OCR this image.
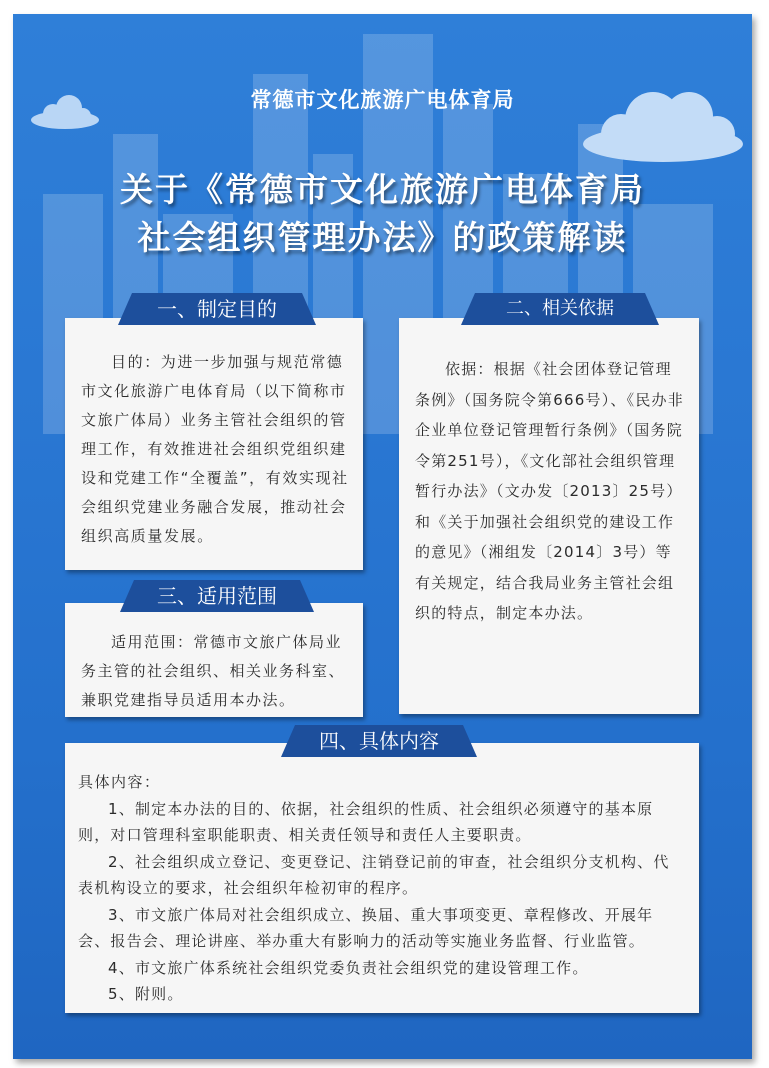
常德市文化旅游广电体育局
关于《常德市文化旅游广电体育局
社会组织管理办法》的政策解读

目的：为进一步加强与规范常德市文化旅游广电体育局（以下简称市文旅广体局）业务主管社会组织的管理工作，有效推进社会组织党组织建设和党建工作“全覆盖”，有效实现社会组织党建业务融合发展，推动社会组织高质量发展。

依据：根据《社会团体登记管理条例》（国务院令第666号）、《民办非企业单位登记管理暂行条例》（国务院令第251号），《文化部社会组织管理暂行办法》（文办发〔2013〕25号）和《关于加强社会组织党的建设工作的意见》（湘组发〔2014〕3号）等有关规定，结合我局业务主管社会组织的特点，制定本办法。

适用范围：常德市文旅广体局业务主管的社会组织、相关业务科室、兼职党建指导员适用本办法。

具体内容：

1、制定本办法的目的、依据，社会组织的性质、社会组织必须遵守的基本原则，对口管理科室职能职责、相关责任领导和责任人主要职责。

2、社会组织成立登记、变更登记、注销登记前的审查，社会组织分支机构、代表机构设立的要求，社会组织年检初审的程序。

3、市文旅广体局对社会组织成立、换届、重大事项变更、章程修改、开展年会、报告会、理论讲座、举办重大有影响力的活动等实施业务监督、行业监管。

4、市文旅广体系统社会组织党委负责社会组织党的建设管理工作。

5、附则。

一、制定目的	二、相关依据
三、适用范围
四、具体内容
